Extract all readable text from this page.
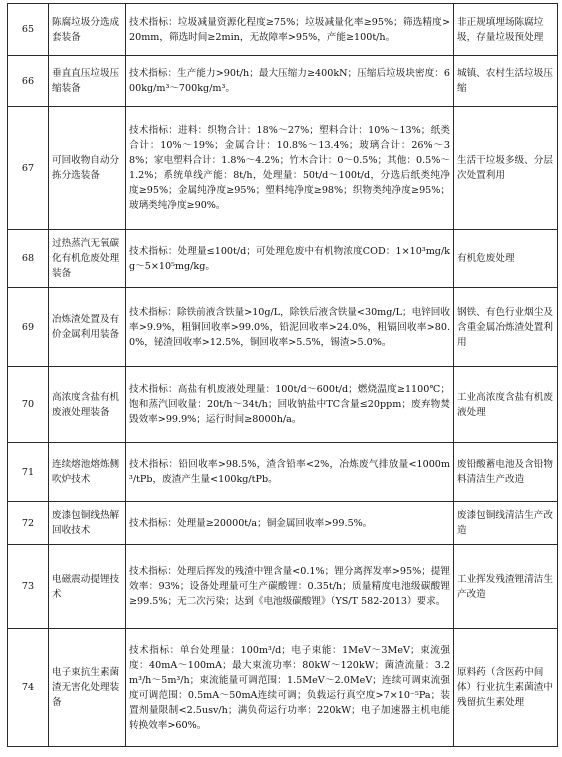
65	陈腐垃圾分选成套装备	技术指标：垃圾减量资源化程度≥75%；垃圾减量化率≥95%；筛选精度>20mm，筛选时间≥2min，无故障率>95%，产能≥100t/h。	非正规填埋场陈腐垃圾，存量垃圾预处理
66	垂直直压垃圾压缩装备	技术指标：生产能力>90t/h；最大压缩力≥400kN；压缩后垃圾块密度：600kg/m³～700kg/m³。	城镇、农村生活垃圾压缩
67	可回收物自动分拣分选装备	技术指标：进料：织物合计：18%～27%；塑料合计：10%～13%；纸类合计：10%～19%；金属合计：10.8%～13.4%；玻璃合计：26%～38%；家电塑料合计：1.8%～4.2%；竹木合计：0～0.5%；其他：0.5%～1.2%；系统单线产能：8t/h，处理量：50t/d～100t/d，分选后纸类纯净度≥95%；金属纯净度≥95%；塑料纯净度≥98%；织物类纯净度≥95%；玻璃类纯净度≥90%。	生活干垃圾多级、分层次处置利用
68	过热蒸汽无氧碳化有机危废处理装备	技术指标：处理量≤100t/d；可处理危废中有机物浓度COD：1×10³mg/kg～5×10⁵mg/kg。	有机危废处理
69	冶炼渣处置及有价金属利用装备	技术指标：除铁前液含铁量>10g/L，除铁后液含铁量<30mg/L；电锌回收率>9.9%，粗铜回收率>99.0%，铅泥回收率>24.0%，粗镉回收率>80.0%，铋渣回收率>12.5%，铜回收率>5.5%，锡渣>5.0%。	钢铁、有色行业烟尘及含重金属冶炼渣处置利用
70	高浓度含盐有机废液处理装备	技术指标：高盐有机废液处理量：100t/d～600t/d；燃烧温度≥1100℃；饱和蒸汽回收量：20t/h～34t/h；回收钠盐中TC含量≤20ppm；废弃物焚毁效率>99.9%；运行时间≥8000h/a。	工业高浓度含盐有机废液处理
71	连续熔池熔炼侧吹炉技术	技术指标：铅回收率>98.5%，渣含铅率<2%，冶炼废气排放量<1000m³/tPb，废渣产生量<100kg/tPb。	废铅酸蓄电池及含铅物料清洁生产改造
72	废漆包铜线热解回收技术	技术指标：处理量≥20000t/a；铜金属回收率>99.5%。	废漆包铜线清洁生产改造
73	电磁震动提锂技术	技术指标：处理后挥发的残渣中锂含量<0.1%；锂分离挥发率>95%；提锂效率：93%；设备处理量可生产碳酸锂：0.35t/h；质量精度电池级碳酸锂≥99.5%；无二次污染；达到《电池级碳酸锂》（YS/T 582-2013）要求。	工业挥发残渣锂清洁生产改造
74	电子束抗生素菌渣无害化处理装备	技术指标：单台处理量：100m³/d；电子束能：1MeV～3MeV；束流强度：40mA～100mA；最大束流功率：80kW～120kW；菌渣流量：3.2m³/h～5m³/h；束流能量可调范围：1.5MeV～2.0MeV；连续可调束流强度可调范围：0.5mA～50mA连续可调；负载运行真空度>7×10⁻⁵Pa；装置剂量限制<2.5usv/h；满负荷运行功率：220kW；电子加速器主机电能转换效率>60%。	原料药（含医药中间体）行业抗生素菌渣中残留抗生素处理
